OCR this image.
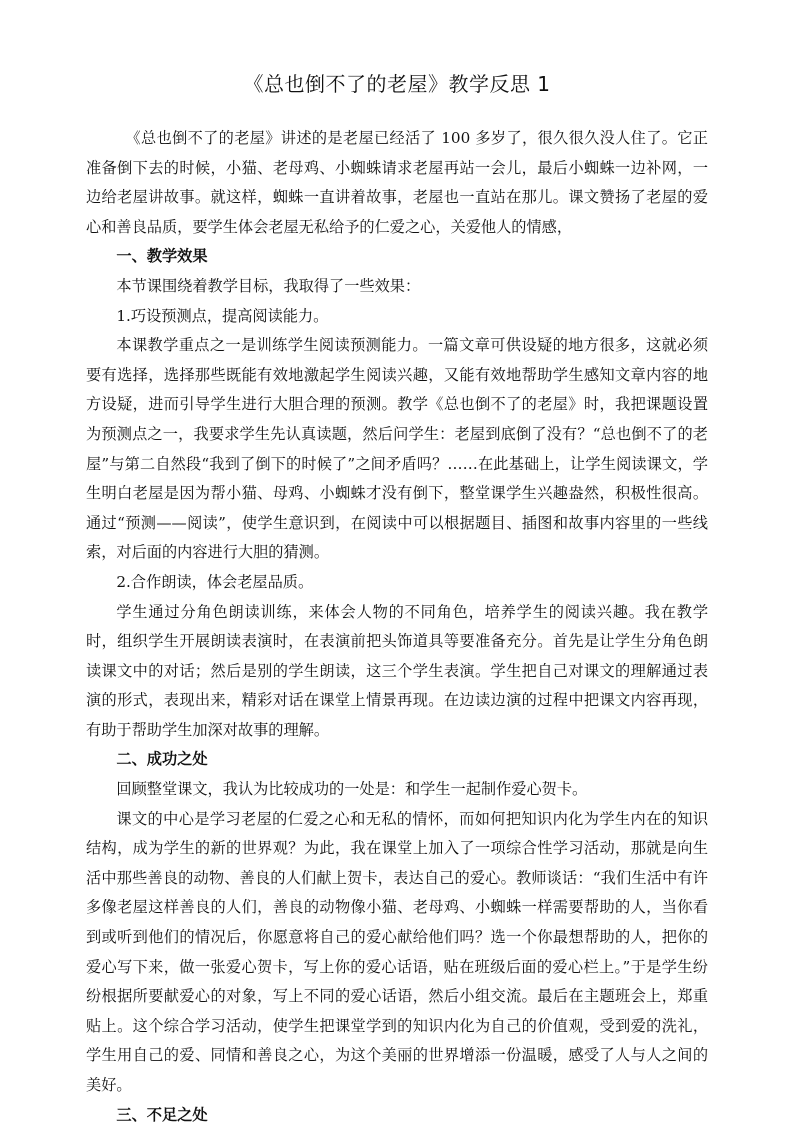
《总也倒不了的老屋》教学反思 1

《总也倒不了的老屋》讲述的是老屋已经活了 100 多岁了，很久很久没人住了。它正准备倒下去的时候，小猫、老母鸡、小蜘蛛请求老屋再站一会儿，最后小蜘蛛一边补网，一边给老屋讲故事。就这样，蜘蛛一直讲着故事，老屋也一直站在那儿。课文赞扬了老屋的爱心和善良品质，要学生体会老屋无私给予的仁爱之心，关爱他人的情感，

一、教学效果

本节课围绕着教学目标，我取得了一些效果：

1.巧设预测点，提高阅读能力。

本课教学重点之一是训练学生阅读预测能力。一篇文章可供设疑的地方很多，这就必须要有选择，选择那些既能有效地激起学生阅读兴趣，又能有效地帮助学生感知文章内容的地方设疑，进而引导学生进行大胆合理的预测。教学《总也倒不了的老屋》时，我把课题设置为预测点之一，我要求学生先认真读题，然后问学生：老屋到底倒了没有？“总也倒不了的老屋”与第二自然段“我到了倒下的时候了”之间矛盾吗？……在此基础上，让学生阅读课文，学生明白老屋是因为帮小猫、母鸡、小蜘蛛才没有倒下，整堂课学生兴趣盎然，积极性很高。通过“预测——阅读”，使学生意识到，在阅读中可以根据题目、插图和故事内容里的一些线索，对后面的内容进行大胆的猜测。

2.合作朗读，体会老屋品质。

学生通过分角色朗读训练，来体会人物的不同角色，培养学生的阅读兴趣。我在教学时，组织学生开展朗读表演时，在表演前把头饰道具等要准备充分。首先是让学生分角色朗读课文中的对话；然后是别的学生朗读，这三个学生表演。学生把自己对课文的理解通过表演的形式，表现出来，精彩对话在课堂上情景再现。在边读边演的过程中把课文内容再现，有助于帮助学生加深对故事的理解。

二、成功之处

回顾整堂课文，我认为比较成功的一处是：和学生一起制作爱心贺卡。

课文的中心是学习老屋的仁爱之心和无私的情怀，而如何把知识内化为学生内在的知识结构，成为学生的新的世界观？为此，我在课堂上加入了一项综合性学习活动，那就是向生活中那些善良的动物、善良的人们献上贺卡，表达自己的爱心。教师谈话：“我们生活中有许多像老屋这样善良的人们，善良的动物像小猫、老母鸡、小蜘蛛一样需要帮助的人，当你看到或听到他们的情况后，你愿意将自己的爱心献给他们吗？选一个你最想帮助的人，把你的爱心写下来，做一张爱心贺卡，写上你的爱心话语，贴在班级后面的爱心栏上。”于是学生纷纷根据所要献爱心的对象，写上不同的爱心话语，然后小组交流。最后在主题班会上，郑重贴上。这个综合学习活动，使学生把课堂学到的知识内化为自己的价值观，受到爱的洗礼，学生用自己的爱、同情和善良之心，为这个美丽的世界增添一份温暖，感受了人与人之间的美好。

三、不足之处
